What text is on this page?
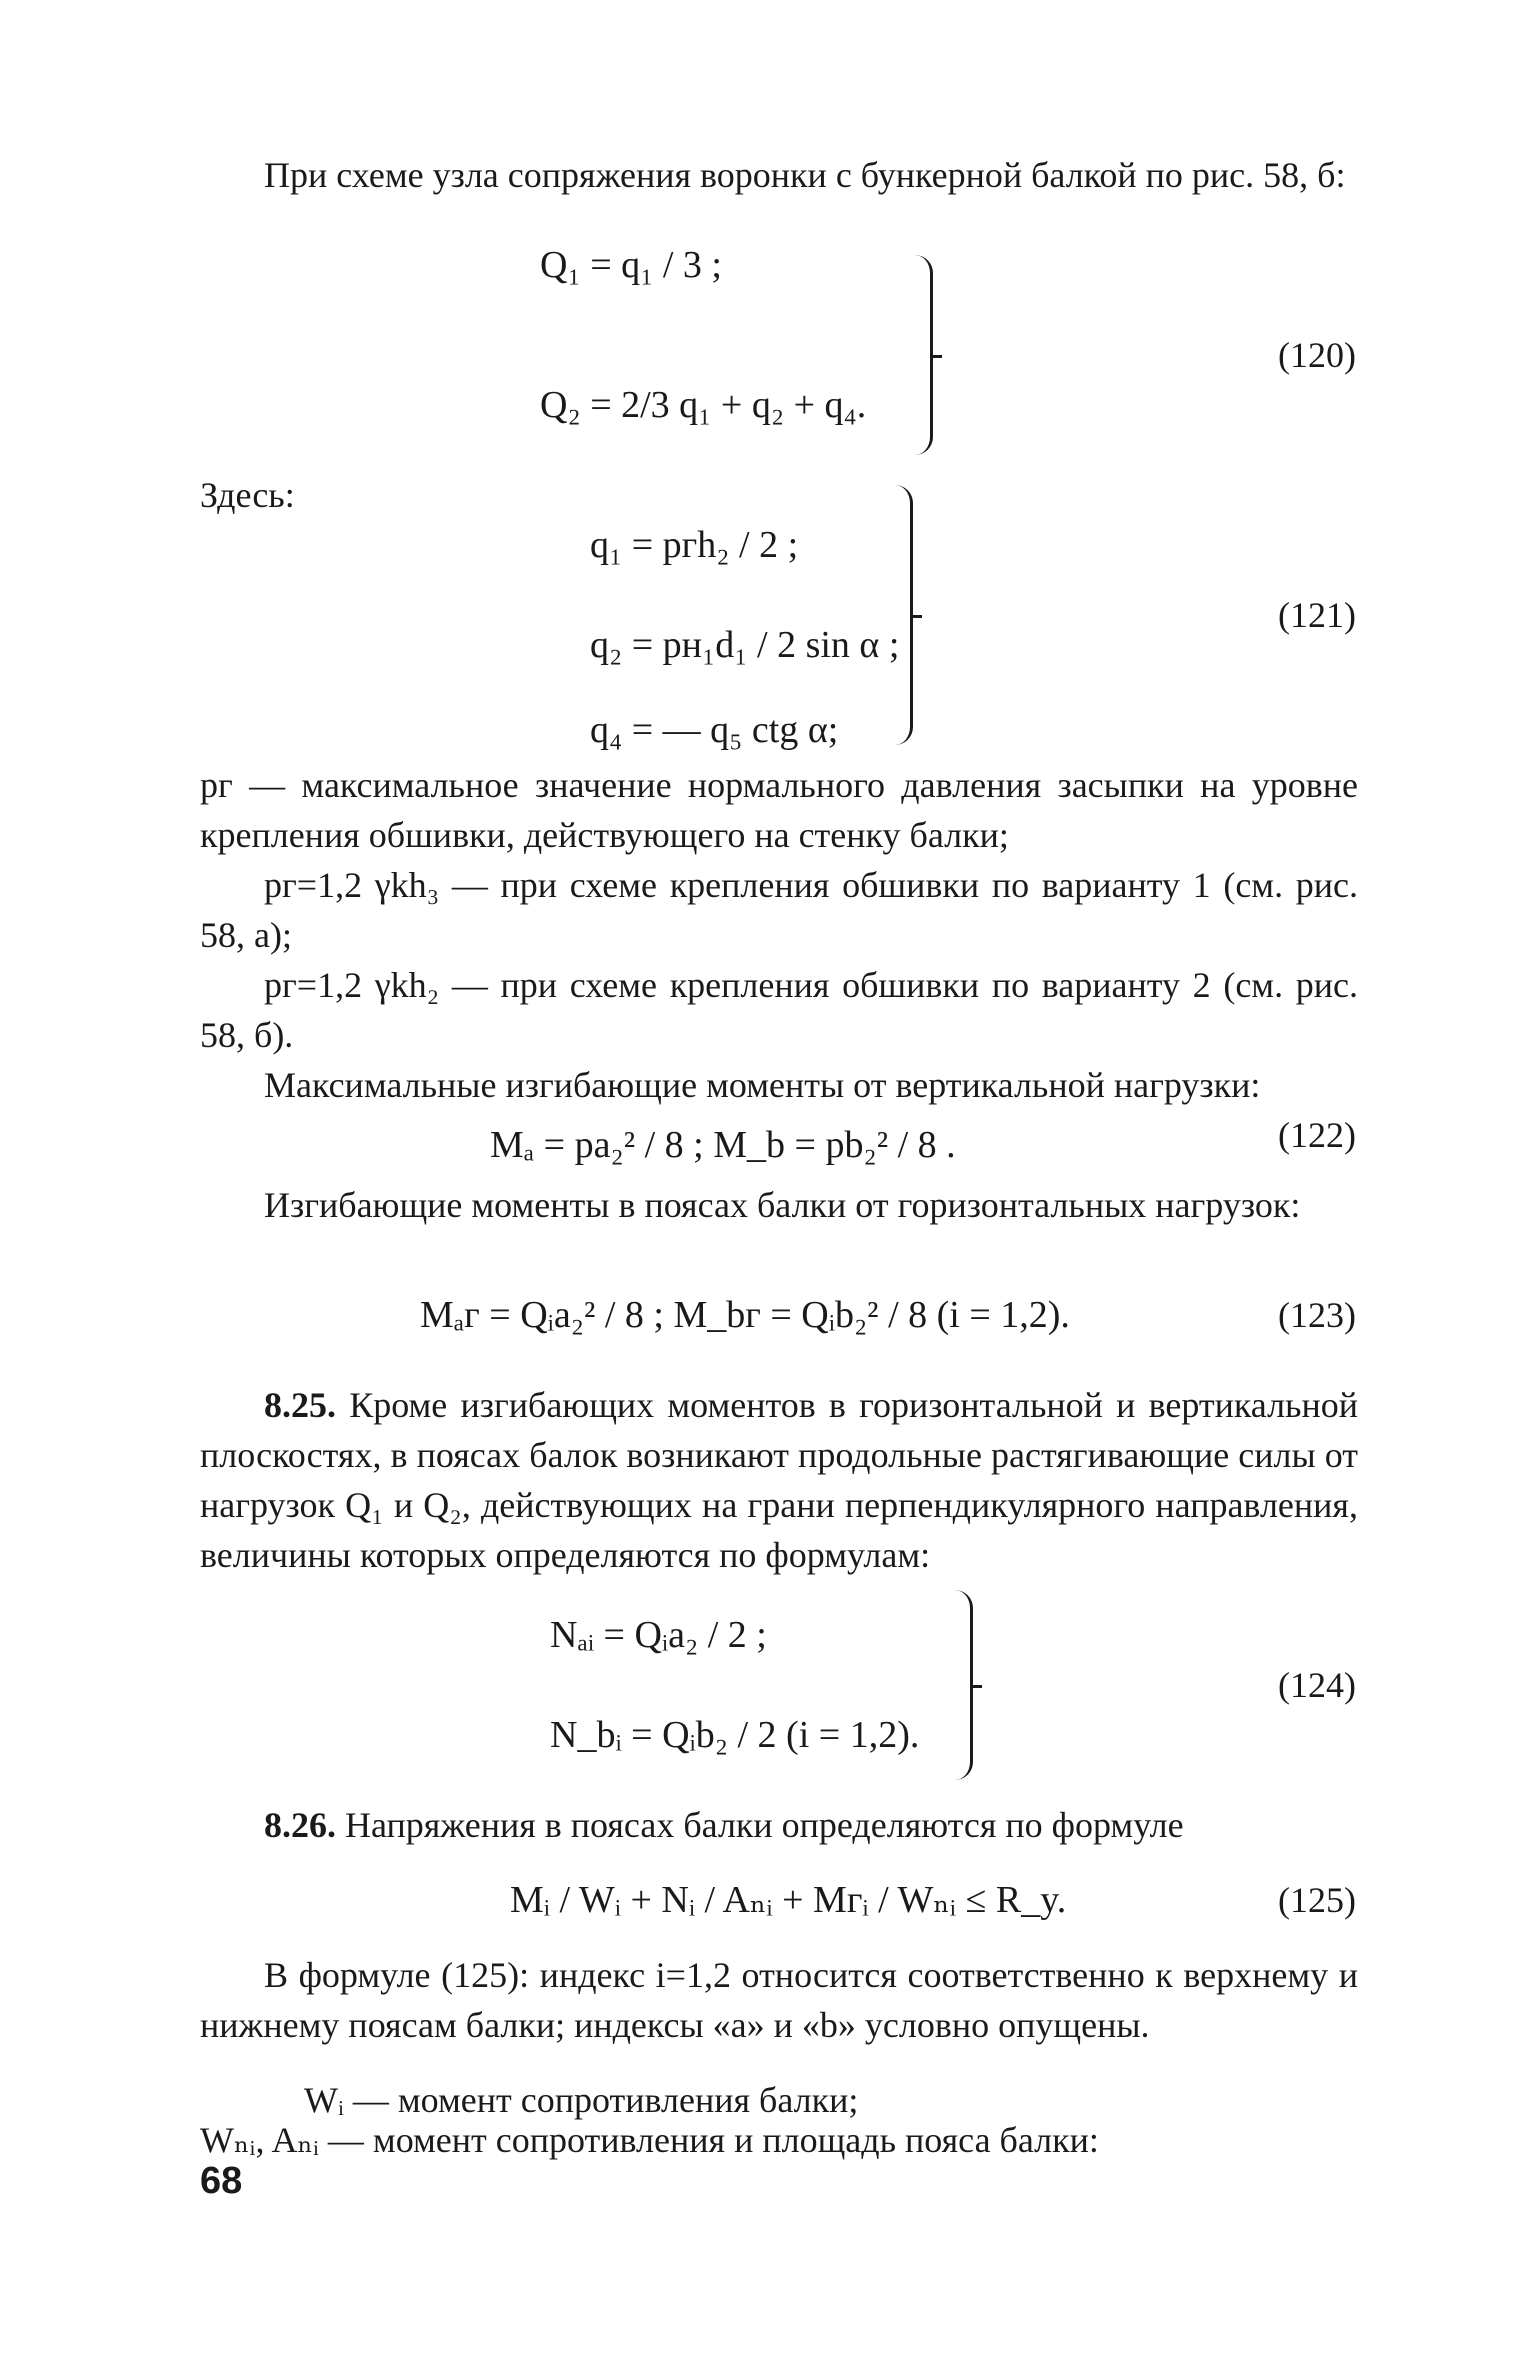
При схеме узла сопряжения воронки с бункерной балкой по рис. 58, б:
Q₁ = q₁ / 3 ;
Q₂ = 2/3 q₁ + q₂ + q₄.
(120)
Здесь:
q₁ = pгh₂ / 2 ;
q₂ = pн₁d₁ / 2 sin α ;
q₄ = — q₅ ctg α;
(121)
pг — максимальное значение нормального давления засыпки на уровне крепления обшивки, действующего на стенку балки;
pг=1,2 γkh₃ — при схеме крепления обшивки по варианту 1 (см. рис. 58, а);
pг=1,2 γkh₂ — при схеме крепления обшивки по варианту 2 (см. рис. 58, б).
Максимальные изгибающие моменты от вертикальной нагрузки:
Mₐ = pa₂² / 8 ; M_b = pb₂² / 8 .	(122)
Изгибающие моменты в поясах балки от горизонтальных нагрузок:
Mₐг = Qᵢa₂² / 8 ; M_bг = Qᵢb₂² / 8 (i = 1,2).	(123)
8.25. Кроме изгибающих моментов в горизонтальной и вертикальной плоскостях, в поясах балок возникают продольные растягивающие силы от нагрузок Q₁ и Q₂, действующих на грани перпендикулярного направления, величины которых определяются по формулам:
Nₐᵢ = Qᵢa₂ / 2 ;
N_bᵢ = Qᵢb₂ / 2 (i = 1,2).
(124)
8.26. Напряжения в поясах балки определяются по формуле
Mᵢ / Wᵢ + Nᵢ / Aₙᵢ + Mгᵢ / Wₙᵢ ≤ R_y.	(125)
В формуле (125): индекс i=1,2 относится соответственно к верхнему и нижнему поясам балки; индексы «а» и «b» условно опущены.
Wᵢ — момент сопротивления балки;
Wₙᵢ, Aₙᵢ — момент сопротивления и площадь пояса балки:
68
